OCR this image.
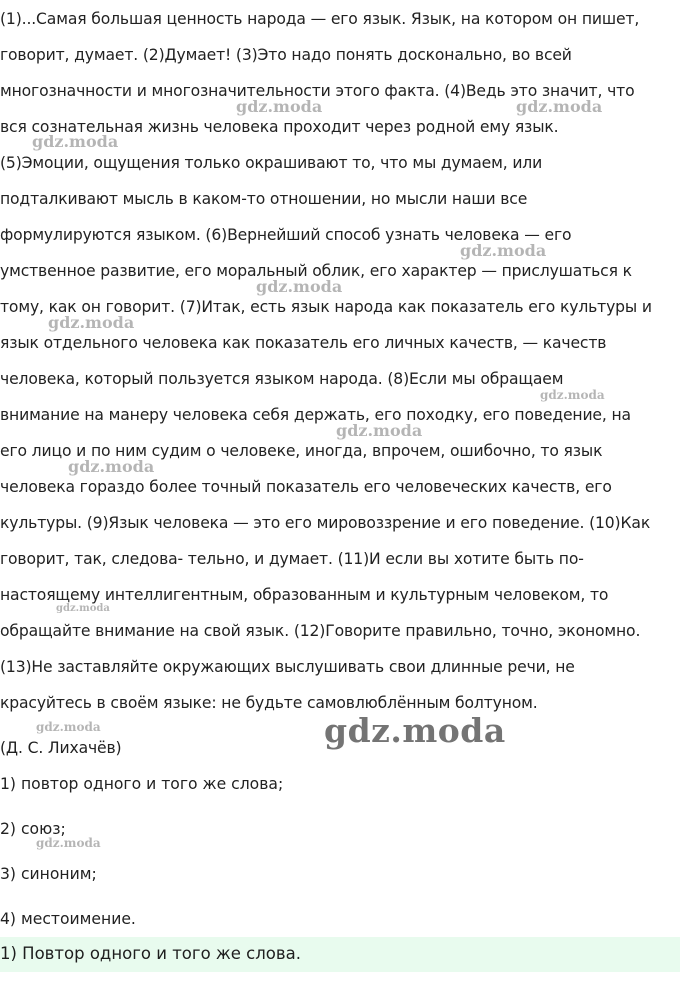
(1)...Самая большая ценность народа — его язык. Язык, на котором он пишет,
говорит, думает. (2)Думает! (3)Это надо понять досконально, во всей
многозначности и многозначительности этого факта. (4)Ведь это значит, что
вся сознательная жизнь человека проходит через родной ему язык.
(5)Эмоции, ощущения только окрашивают то, что мы думаем, или
подталкивают мысль в каком-то отношении, но мысли наши все
формулируются языком. (6)Вернейший способ узнать человека — его
умственное развитие, его моральный облик, его характер — прислушаться к
тому, как он говорит. (7)Итак, есть язык народа как показатель его культуры и
язык отдельного человека как показатель его личных качеств, — качеств
человека, который пользуется языком народа. (8)Если мы обращаем
внимание на манеру человека себя держать, его походку, его поведение, на
его лицо и по ним судим о человеке, иногда, впрочем, ошибочно, то язык
человека гораздо более точный показатель его человеческих качеств, его
культуры. (9)Язык человека — это его мировоззрение и его поведение. (10)Как
говорит, так, следова- тельно, и думает. (11)И если вы хотите быть по-
настоящему интеллигентным, образованным и культурным человеком, то
обращайте внимание на свой язык. (12)Говорите правильно, точно, экономно.
(13)Не заставляйте окружающих выслушивать свои длинные речи, не
красуйтесь в своём языке: не будьте самовлюблённым болтуном.
(Д. С. Лихачёв)
1) повтор одного и того же слова;
2) союз;
3) синоним;
4) местоимение.
1) Повтор одного и того же слова.
gdz.moda	gdz.moda
gdz.moda
gdz.moda
gdz.moda
gdz.moda
gdz.moda
gdz.moda
gdz.moda
gdz.moda
gdz.moda
gdz.moda
gdz.moda
